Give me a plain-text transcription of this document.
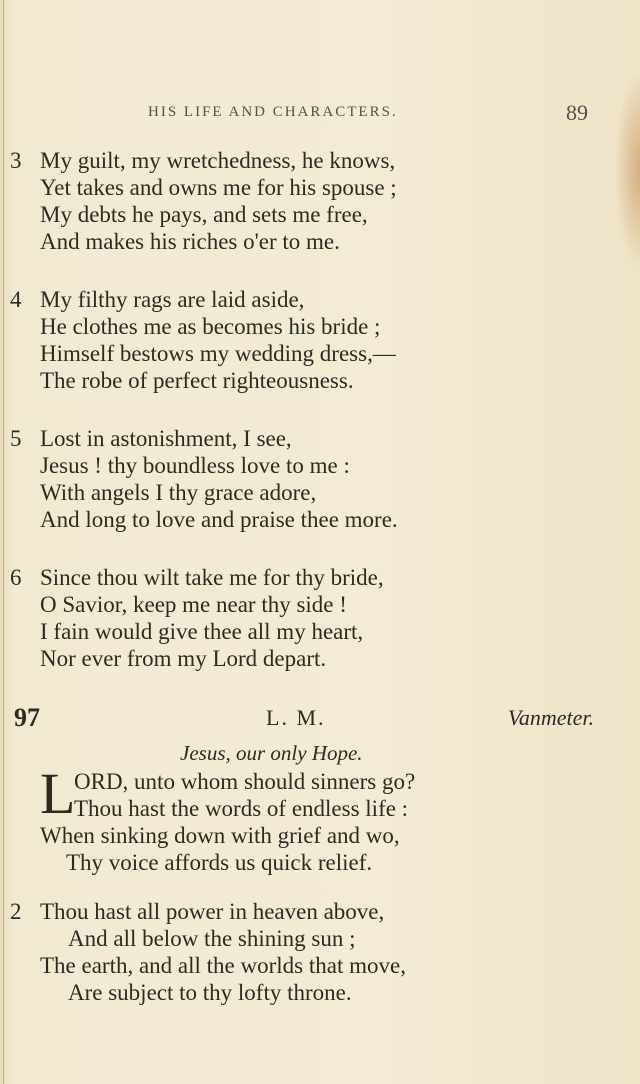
HIS LIFE AND CHARACTERS.	89
3 My guilt, my wretchedness, he knows,
Yet takes and owns me for his spouse ;
My debts he pays, and sets me free,
And makes his riches o'er to me.
4 My filthy rags are laid aside,
He clothes me as becomes his bride ;
Himself bestows my wedding dress,—
The robe of perfect righteousness.
5 Lost in astonishment, I see,
Jesus ! thy boundless love to me :
With angels I thy grace adore,
And long to love and praise thee more.
6 Since thou wilt take me for thy bride,
O Savior, keep me near thy side !
I fain would give thee all my heart,
Nor ever from my Lord depart.
97	L. M.	Vanmeter.
Jesus, our only Hope.
L
ORD, unto whom should sinners go?
Thou hast the words of endless life :
When sinking down with grief and wo,
Thy voice affords us quick relief.
2 Thou hast all power in heaven above,
And all below the shining sun ;
The earth, and all the worlds that move,
Are subject to thy lofty throne.
